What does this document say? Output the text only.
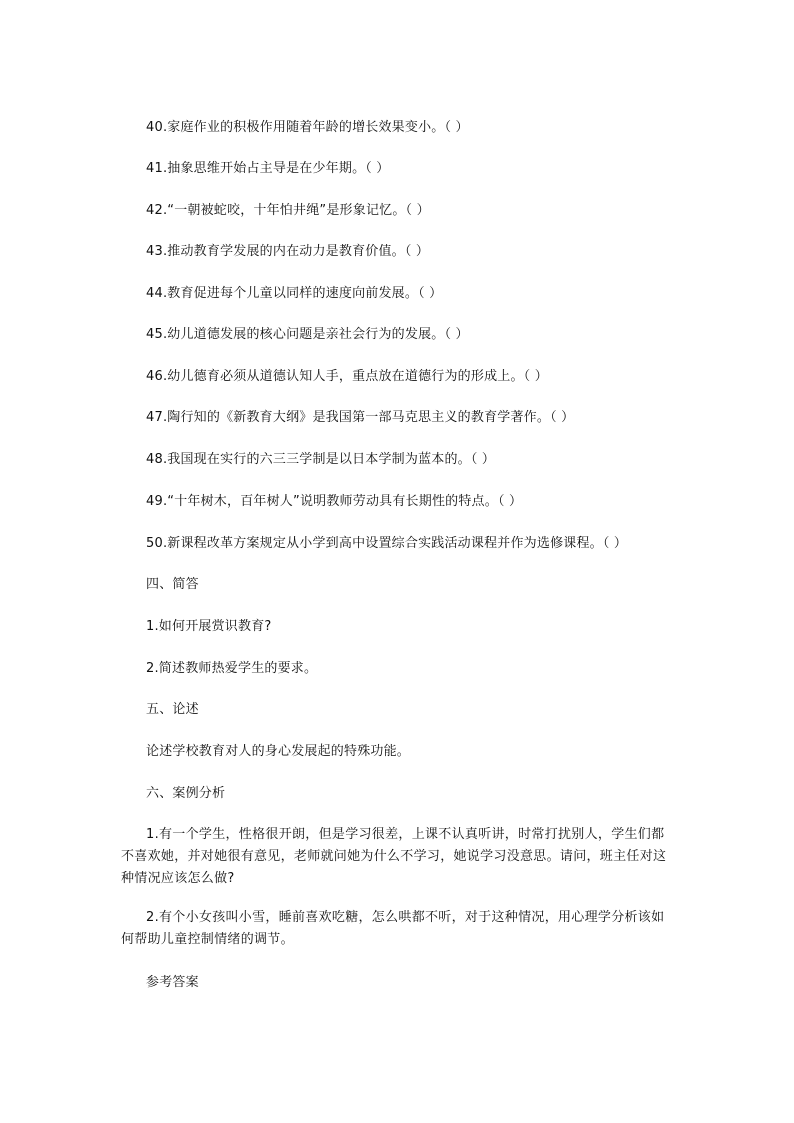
40.家庭作业的积极作用随着年龄的增长效果变小。（ ）
41.抽象思维开始占主导是在少年期。（ ）
42.“一朝被蛇咬，十年怕井绳”是形象记忆。（ ）
43.推动教育学发展的内在动力是教育价值。（ ）
44.教育促进每个儿童以同样的速度向前发展。（ ）
45.幼儿道德发展的核心问题是亲社会行为的发展。（ ）
46.幼儿德育必须从道德认知人手，重点放在道德行为的形成上。（ ）
47.陶行知的《新教育大纲》是我国第一部马克思主义的教育学著作。（ ）
48.我国现在实行的六三三学制是以日本学制为蓝本的。（ ）
49.“十年树木，百年树人”说明教师劳动具有长期性的特点。（ ）
50.新课程改革方案规定从小学到高中设置综合实践活动课程并作为选修课程。（ ）
四、简答
1.如何开展赏识教育?
2.简述教师热爱学生的要求。
五、论述
论述学校教育对人的身心发展起的特殊功能。
六、案例分析
1.有一个学生，性格很开朗，但是学习很差，上课不认真听讲，时常打扰别人，学生们都不喜欢她，并对她很有意见，老师就问她为什么不学习，她说学习没意思。请问，班主任对这种情况应该怎么做?
2.有个小女孩叫小雪，睡前喜欢吃糖，怎么哄都不听，对于这种情况，用心理学分析该如何帮助儿童控制情绪的调节。
参考答案
